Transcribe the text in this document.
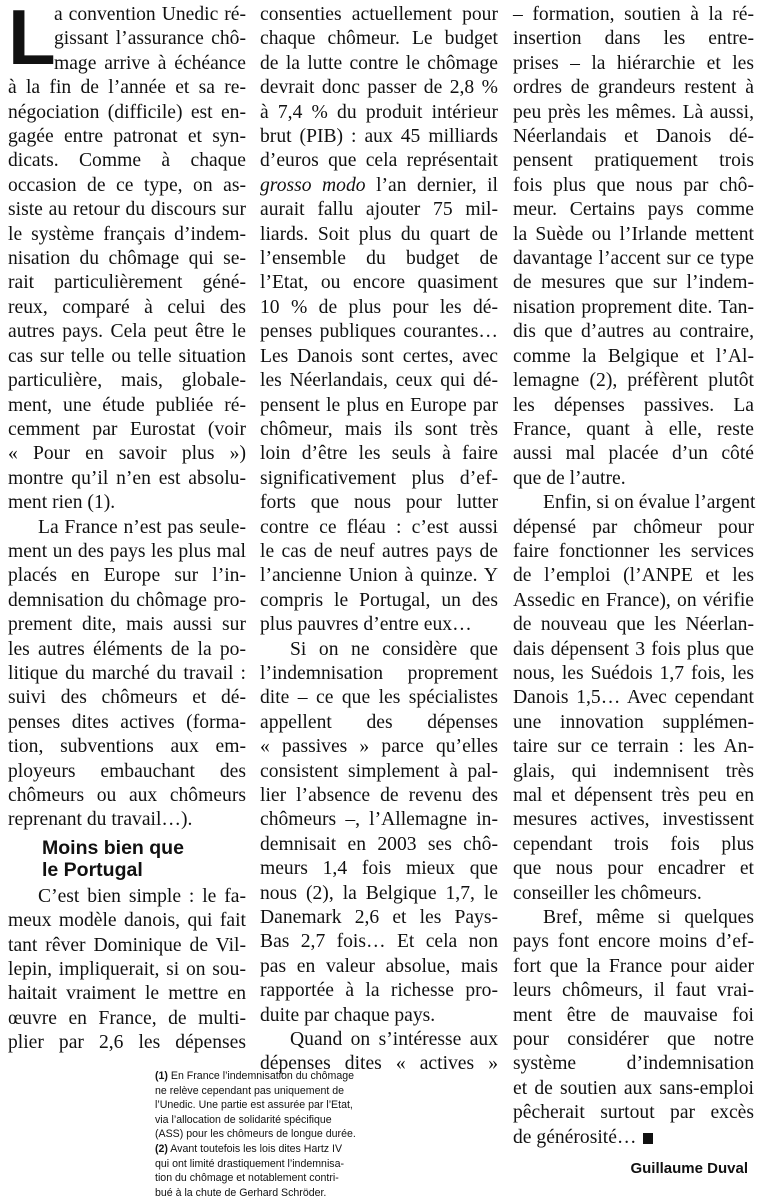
L
a convention Unedic ré-
gissant l’assurance chô-
mage arrive à échéance
à la fin de l’année et sa re-
négociation (difficile) est en-
gagée entre patronat et syn-
dicats. Comme à chaque
occasion de ce type, on as-
siste au retour du discours sur
le système français d’indem-
nisation du chômage qui se-
rait particulièrement géné-
reux, comparé à celui des
autres pays. Cela peut être le
cas sur telle ou telle situation
particulière, mais, globale-
ment, une étude publiée ré-
cemment par Eurostat (voir
« Pour en savoir plus »)
montre qu’il n’en est absolu-
ment rien (1).

La France n’est pas seule-
ment un des pays les plus mal
placés en Europe sur l’in-
demnisation du chômage pro-
prement dite, mais aussi sur
les autres éléments de la po-
litique du marché du travail :
suivi des chômeurs et dé-
penses dites actives (forma-
tion, subventions aux em-
ployeurs embauchant des
chômeurs ou aux chômeurs
reprenant du travail…).

Moins bien que
le Portugal

C’est bien simple : le fa-
meux modèle danois, qui fait
tant rêver Dominique de Vil-
lepin, impliquerait, si on sou-
haitait vraiment le mettre en
œuvre en France, de multi-
plier par 2,6 les dépenses

consenties actuellement pour
chaque chômeur. Le budget
de la lutte contre le chômage
devrait donc passer de 2,8 %
à 7,4 % du produit intérieur
brut (PIB) : aux 45 milliards
d’euros que cela représentait
grosso modo l’an dernier, il
aurait fallu ajouter 75 mil-
liards. Soit plus du quart de
l’ensemble du budget de
l’Etat, ou encore quasiment
10 % de plus pour les dé-
penses publiques courantes…
Les Danois sont certes, avec
les Néerlandais, ceux qui dé-
pensent le plus en Europe par
chômeur, mais ils sont très
loin d’être les seuls à faire
significativement plus d’ef-
forts que nous pour lutter
contre ce fléau : c’est aussi
le cas de neuf autres pays de
l’ancienne Union à quinze. Y
compris le Portugal, un des
plus pauvres d’entre eux…

Si on ne considère que
l’indemnisation proprement
dite – ce que les spécialistes
appellent des dépenses
« passives » parce qu’elles
consistent simplement à pal-
lier l’absence de revenu des
chômeurs –, l’Allemagne in-
demnisait en 2003 ses chô-
meurs 1,4 fois mieux que
nous (2), la Belgique 1,7, le
Danemark 2,6 et les Pays-
Bas 2,7 fois… Et cela non
pas en valeur absolue, mais
rapportée à la richesse pro-
duite par chaque pays.

Quand on s’intéresse aux
dépenses dites « actives »

– formation, soutien à la ré-
insertion dans les entre-
prises – la hiérarchie et les
ordres de grandeurs restent à
peu près les mêmes. Là aussi,
Néerlandais et Danois dé-
pensent pratiquement trois
fois plus que nous par chô-
meur. Certains pays comme
la Suède ou l’Irlande mettent
davantage l’accent sur ce type
de mesures que sur l’indem-
nisation proprement dite. Tan-
dis que d’autres au contraire,
comme la Belgique et l’Al-
lemagne (2), préfèrent plutôt
les dépenses passives. La
France, quant à elle, reste
aussi mal placée d’un côté
que de l’autre.

Enfin, si on évalue l’argent
dépensé par chômeur pour
faire fonctionner les services
de l’emploi (l’ANPE et les
Assedic en France), on vérifie
de nouveau que les Néerlan-
dais dépensent 3 fois plus que
nous, les Suédois 1,7 fois, les
Danois 1,5… Avec cependant
une innovation supplémen-
taire sur ce terrain : les An-
glais, qui indemnisent très
mal et dépensent très peu en
mesures actives, investissent
cependant trois fois plus
que nous pour encadrer et
conseiller les chômeurs.

Bref, même si quelques
pays font encore moins d’ef-
fort que la France pour aider
leurs chômeurs, il faut vrai-
ment être de mauvaise foi
pour considérer que notre
système d’indemnisation
et de soutien aux sans-emploi
pêcherait surtout par excès
de générosité…

(1) En France l’indemnisation du chômage
ne relève cependant pas uniquement de
l’Unedic. Une partie est assurée par l’Etat,
via l’allocation de solidarité spécifique
(ASS) pour les chômeurs de longue durée.
(2) Avant toutefois les lois dites Hartz IV
qui ont limité drastiquement l’indemnisa-
tion du chômage et notablement contri-
bué à la chute de Gerhard Schröder.
Guillaume Duval
